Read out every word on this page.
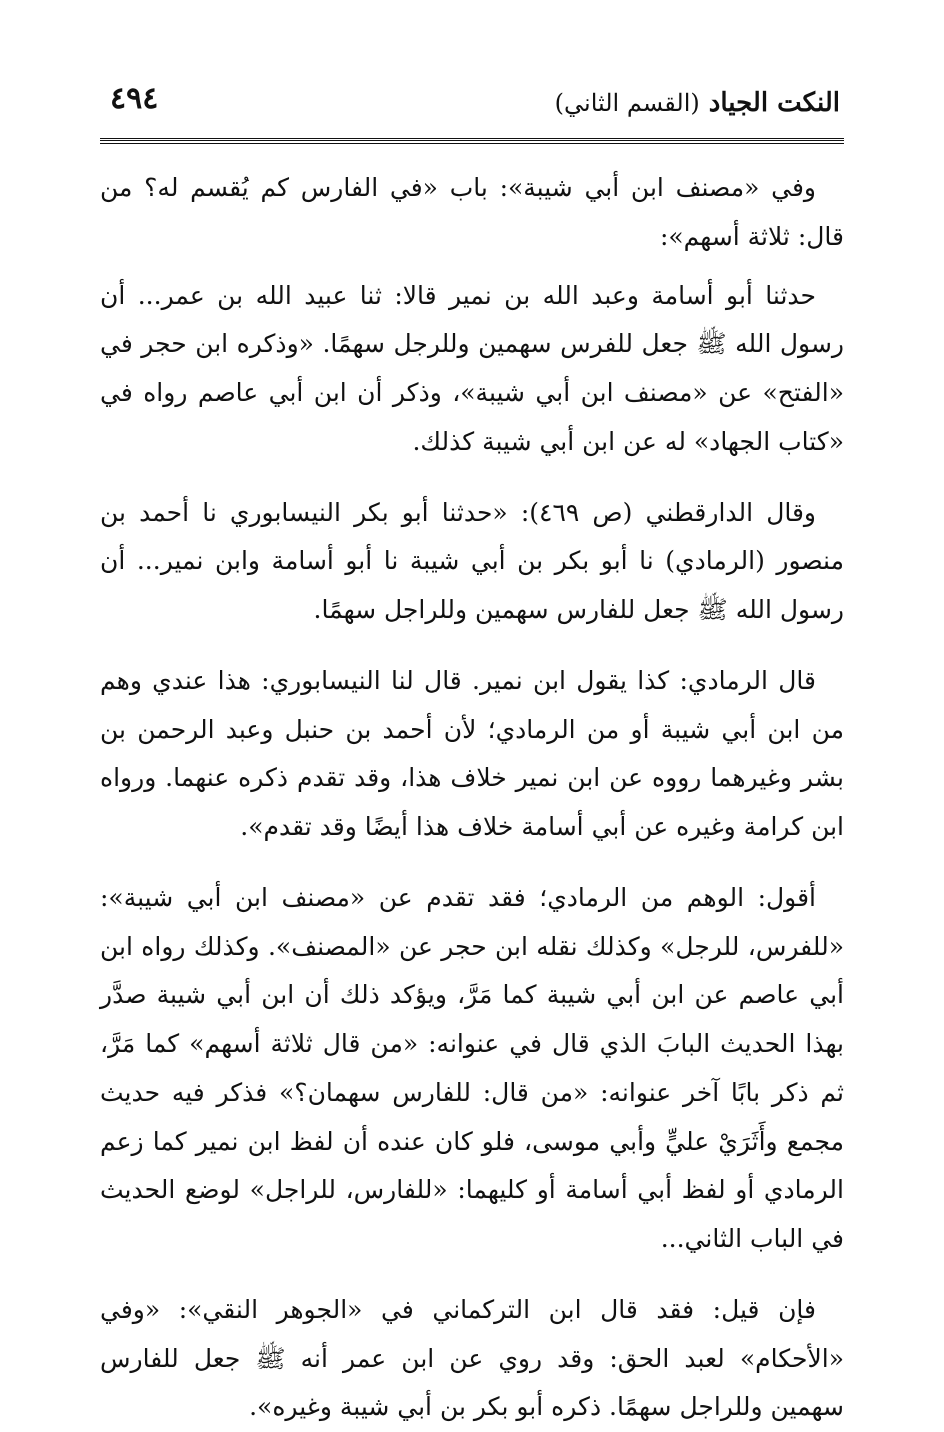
٤٩٤	النكت الجياد (القسم الثاني)

وفي «مصنف ابن أبي شيبة»: باب «في الفارس كم يُقسم له؟ من قال: ثلاثة أسهم»:

حدثنا أبو أسامة وعبد الله بن نمير قالا: ثنا عبيد الله بن عمر... أن رسول الله ﷺ جعل للفرس سهمين وللرجل سهمًا. «وذكره ابن حجر في «الفتح» عن «مصنف ابن أبي شيبة»، وذكر أن ابن أبي عاصم رواه في «كتاب الجهاد» له عن ابن أبي شيبة كذلك.

وقال الدارقطني (ص ٤٦٩): «حدثنا أبو بكر النيسابوري نا أحمد بن منصور (الرمادي) نا أبو بكر بن أبي شيبة نا أبو أسامة وابن نمير... أن رسول الله ﷺ جعل للفارس سهمين وللراجل سهمًا.

قال الرمادي: كذا يقول ابن نمير. قال لنا النيسابوري: هذا عندي وهم من ابن أبي شيبة أو من الرمادي؛ لأن أحمد بن حنبل وعبد الرحمن بن بشر وغيرهما رووه عن ابن نمير خلاف هذا، وقد تقدم ذكره عنهما. ورواه ابن كرامة وغيره عن أبي أسامة خلاف هذا أيضًا وقد تقدم».

أقول: الوهم من الرمادي؛ فقد تقدم عن «مصنف ابن أبي شيبة»: «للفرس، للرجل» وكذلك نقله ابن حجر عن «المصنف». وكذلك رواه ابن أبي عاصم عن ابن أبي شيبة كما مَرَّ، ويؤكد ذلك أن ابن أبي شيبة صدَّر بهذا الحديث البابَ الذي قال في عنوانه: «من قال ثلاثة أسهم» كما مَرَّ، ثم ذكر بابًا آخر عنوانه: «من قال: للفارس سهمان؟» فذكر فيه حديث مجمع وأَثَرَيْ عليٍّ وأبي موسى، فلو كان عنده أن لفظ ابن نمير كما زعم الرمادي أو لفظ أبي أسامة أو كليهما: «للفارس، للراجل» لوضع الحديث في الباب الثاني...

فإن قيل: فقد قال ابن التركماني في «الجوهر النقي»: «وفي «الأحكام» لعبد الحق: وقد روي عن ابن عمر أنه ﷺ جعل للفارس سهمين وللراجل سهمًا. ذكره أبو بكر بن أبي شيبة وغيره».
